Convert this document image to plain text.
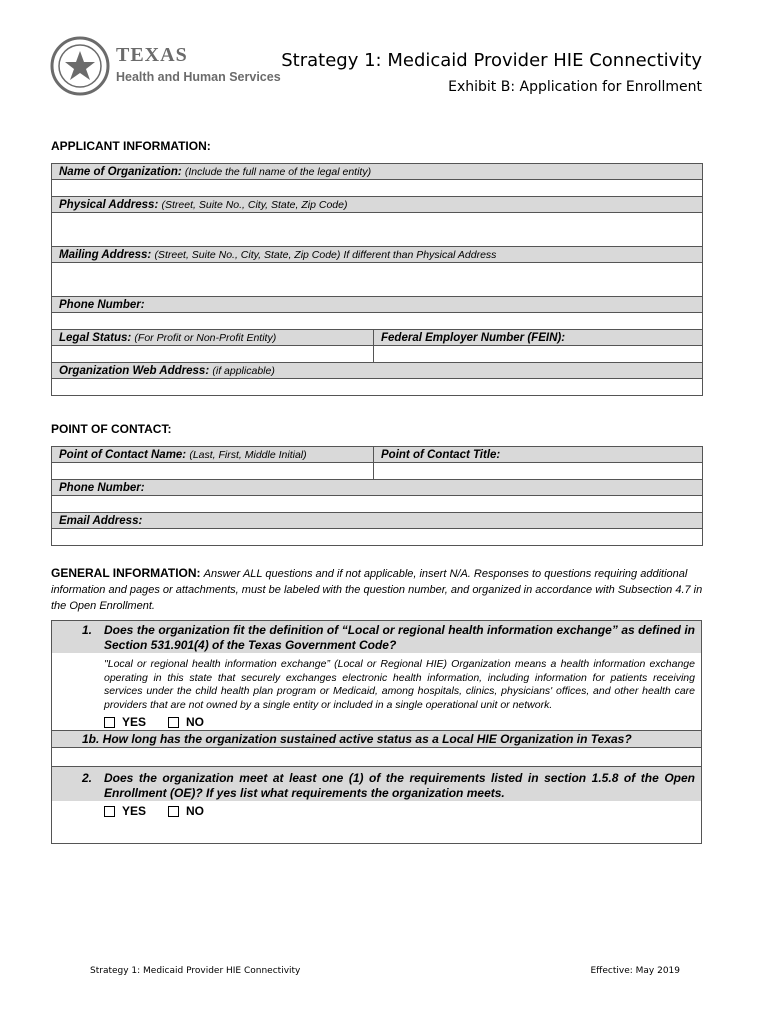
TEXAS
Health and Human Services
Strategy 1: Medicaid Provider HIE Connectivity
Exhibit B: Application for Enrollment
APPLICANT INFORMATION:
Name of Organization: (Include the full name of the legal entity)	

Physical Address: (Street, Suite No., City, State, Zip Code)	

Mailing Address: (Street, Suite No., City, State, Zip Code) If different than Physical Address	

Phone Number:	

Legal Status: (For Profit or Non-Profit Entity)	Federal Employer Number (FEIN):

Organization Web Address: (if applicable)	

POINT OF CONTACT:
Point of Contact Name: (Last, First, Middle Initial)	Point of Contact Title:

Phone Number:	

Email Address:	

GENERAL INFORMATION: Answer ALL questions and if not applicable, insert N/A. Responses to questions requiring additional information and pages or attachments, must be labeled with the question number, and organized in accordance with Subsection 4.7 in the Open Enrollment.
1. Does the organization fit the definition of “Local or regional health information exchange” as defined in Section 531.901(4) of the Texas Government Code?
"Local or regional health information exchange” (Local or Regional HIE) Organization means a health information exchange operating in this state that securely exchanges electronic health information, including information for patients receiving services under the child health plan program or Medicaid, among hospitals, clinics, physicians' offices, and other health care providers that are not owned by a single entity or included in a single operational unit or network.
YES	NO

1b. How long has the organization sustained active status as a Local HIE Organization in Texas?

2. Does the organization meet at least one (1) of the requirements listed in section 1.5.8 of the Open Enrollment (OE)? If yes list what requirements the organization meets.
YES	NO
Strategy 1: Medicaid Provider HIE Connectivity	Effective: May 2019
